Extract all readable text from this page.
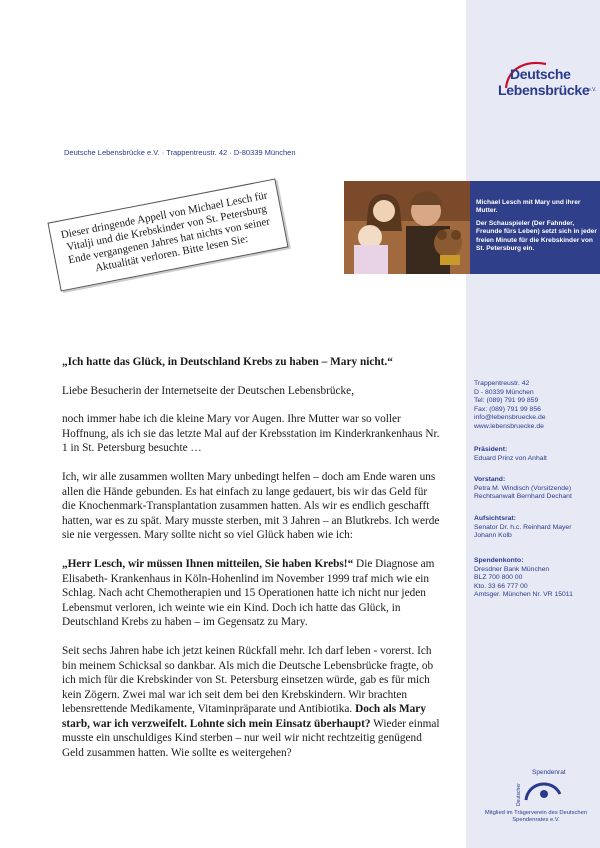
Deutsche
Lebensbrücke
e.V.
Deutsche Lebensbrücke e.V. · Trappentreustr. 42 · D-80339 München

Michael Lesch mit Mary und ihrer Mutter.

Der Schauspieler (Der Fahnder, Freunde fürs Leben) setzt sich in jeder freien Minute für die Krebskinder von St. Petersburg ein.

Dieser dringende Appell von Michael Lesch für Vitalji und die Krebskinder von St. Petersburg Ende vergangenen Jahres hat nichts von seiner Aktualität verloren. Bitte lesen Sie:
„Ich hatte das Glück, in Deutschland Krebs zu haben – Mary nicht.“

Liebe Besucherin der Internetseite der Deutschen Lebensbrücke,

noch immer habe ich die kleine Mary vor Augen. Ihre Mutter war so voller Hoffnung, als ich sie das letzte Mal auf der Krebsstation im Kinderkrankenhaus Nr. 1 in St. Petersburg besuchte …

Ich, wir alle zusammen wollten Mary unbedingt helfen – doch am Ende waren uns allen die Hände gebunden. Es hat einfach zu lange gedauert, bis wir das Geld für die Knochenmark-Transplantation zusammen hatten. Als wir es endlich geschafft hatten, war es zu spät. Mary musste sterben, mit 3 Jahren – an Blutkrebs. Ich werde sie nie vergessen. Mary sollte nicht so viel Glück haben wie ich:

„Herr Lesch, wir müssen Ihnen mitteilen, Sie haben Krebs!“ Die Diagnose am Elisabeth- Krankenhaus in Köln-Hohenlind im November 1999 traf mich wie ein Schlag. Nach acht Chemotherapien und 15 Operationen hatte ich nicht nur jeden Lebensmut verloren, ich weinte wie ein Kind. Doch ich hatte das Glück, in Deutschland Krebs zu haben – im Gegensatz zu Mary.

Seit sechs Jahren habe ich jetzt keinen Rückfall mehr. Ich darf leben - vorerst. Ich bin meinem Schicksal so dankbar. Als mich die Deutsche Lebensbrücke fragte, ob ich mich für die Krebskinder von St. Petersburg einsetzen würde, gab es für mich kein Zögern. Zwei mal war ich seit dem bei den Krebskindern. Wir brachten lebensrettende Medikamente, Vitaminpräparate und Antibiotika. Doch als Mary starb, war ich verzweifelt. Lohnte sich mein Einsatz überhaupt? Wieder einmal musste ein unschuldiges Kind sterben – nur weil wir nicht rechtzeitig genügend Geld zusammen hatten. Wie sollte es weitergehen?

Trappentreustr. 42
D - 80339 München
Tel: (089) 791 99 859
Fax: (089) 791 99 856
info@lebensbruecke.de
www.lebensbruecke.de
Präsident:
Eduard Prinz von Anhalt
Vorstand:
Petra M. Windisch (Vorsitzende)
Rechtsanwalt Bernhard Dechant
Aufsichtsrat:
Senator Dr. h.c. Reinhard Mayer
Johann Kolb
Spendenkonto:
Dresdner Bank München
BLZ 700 800 00
Kto. 33 66 777 00
Amtsger. München Nr. VR 15011
Spendenrat
Deutscher
Mitglied im Trägerverein des Deutschen Spendenrates e.V.
